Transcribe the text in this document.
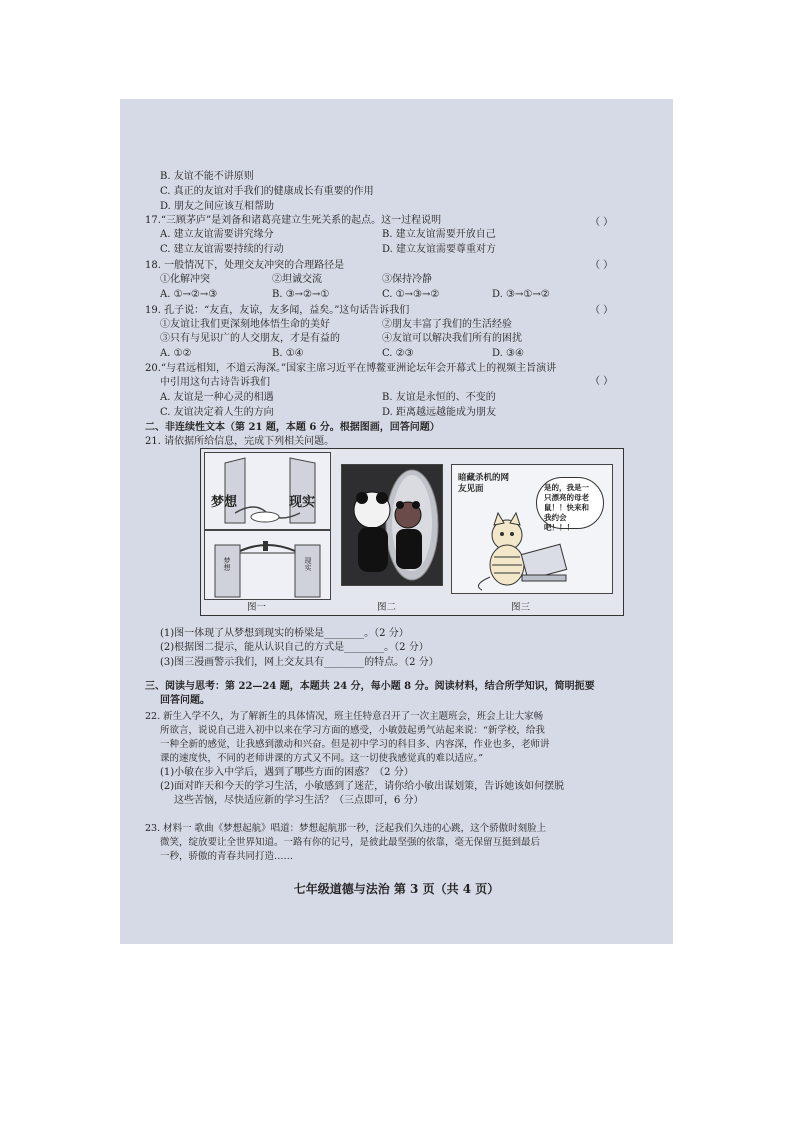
B. 友谊不能不讲原则
C. 真正的友谊对手我们的健康成长有重要的作用
D. 朋友之间应该互相帮助
17.“三顾茅庐”是刘备和诸葛亮建立生死关系的起点。这一过程说明	（ ）
A. 建立友谊需要讲究缘分	B. 建立友谊需要开放自己
C. 建立友谊需要持续的行动	D. 建立友谊需要尊重对方
18. 一般情况下，处理交友冲突的合理路径是	（ ）
①化解冲突	②坦诚交流	③保持冷静
A. ①→②→③	B. ③→②→①	C. ①→③→②	D. ③→①→②
19. 孔子说：“友直，友谅，友多闻，益矣。”这句话告诉我们	（ ）
①友谊让我们更深刻地体悟生命的美好	②朋友丰富了我们的生活经验
③只有与见识广的人交朋友，才是有益的	④友谊可以解决我们所有的困扰
A. ①②	B. ①④	C. ②③	D. ③④
20.“与君远相知，不道云海深。”国家主席习近平在博鳌亚洲论坛年会开幕式上的视频主旨演讲
中引用这句古诗告诉我们	（ ）
A. 友谊是一种心灵的相遇	B. 友谊是永恒的、不变的
C. 友谊决定着人生的方向	D. 距离越远越能成为朋友
二、非连续性文本（第 21 题，本题 6 分。根据图画，回答问题）
21. 请依据所给信息，完成下列相关问题。
梦想	现实
梦想	现实
暗藏杀机的网友见面	是的，我是一只漂亮的母老鼠！！快来和我约会吧！！！
图一	图二	图三
(1)图一体现了从梦想到现实的桥梁是________。（2 分）
(2)根据图二提示，能从认识自己的方式是________。（2 分）
(3)图三漫画警示我们，网上交友具有________的特点。（2 分）
三、阅读与思考：第 22—24 题，本题共 24 分，每小题 8 分。阅读材料，结合所学知识，简明扼要
回答问题。
22. 新生入学不久，为了解新生的具体情况，班主任特意召开了一次主题班会，班会上让大家畅
所欲言，说说自己进入初中以来在学习方面的感受，小敏鼓起勇气站起来说：“新学校，给我
一种全新的感觉，让我感到激动和兴奋。但是初中学习的科目多、内容深，作业也多，老师讲
课的速度快，不同的老师讲课的方式又不同。这一切使我感觉真的难以适应。”
(1)小敏在步入中学后，遇到了哪些方面的困惑？（2 分）
(2)面对昨天和今天的学习生活，小敏感到了迷茫，请你给小敏出谋划策，告诉她该如何摆脱
这些苦恼，尽快适应新的学习生活？（三点即可，6 分）
23. 材料一 歌曲《梦想起航》唱道：梦想起航那一秒，泛起我们久违的心跳，这个骄傲时刻脸上
微笑，绽放要让全世界知道。一路有你的记号，是彼此最坚强的依靠，毫无保留互挺到最后
一秒，骄傲的青春共同打造……
七年级道德与法治 第 3 页（共 4 页）
